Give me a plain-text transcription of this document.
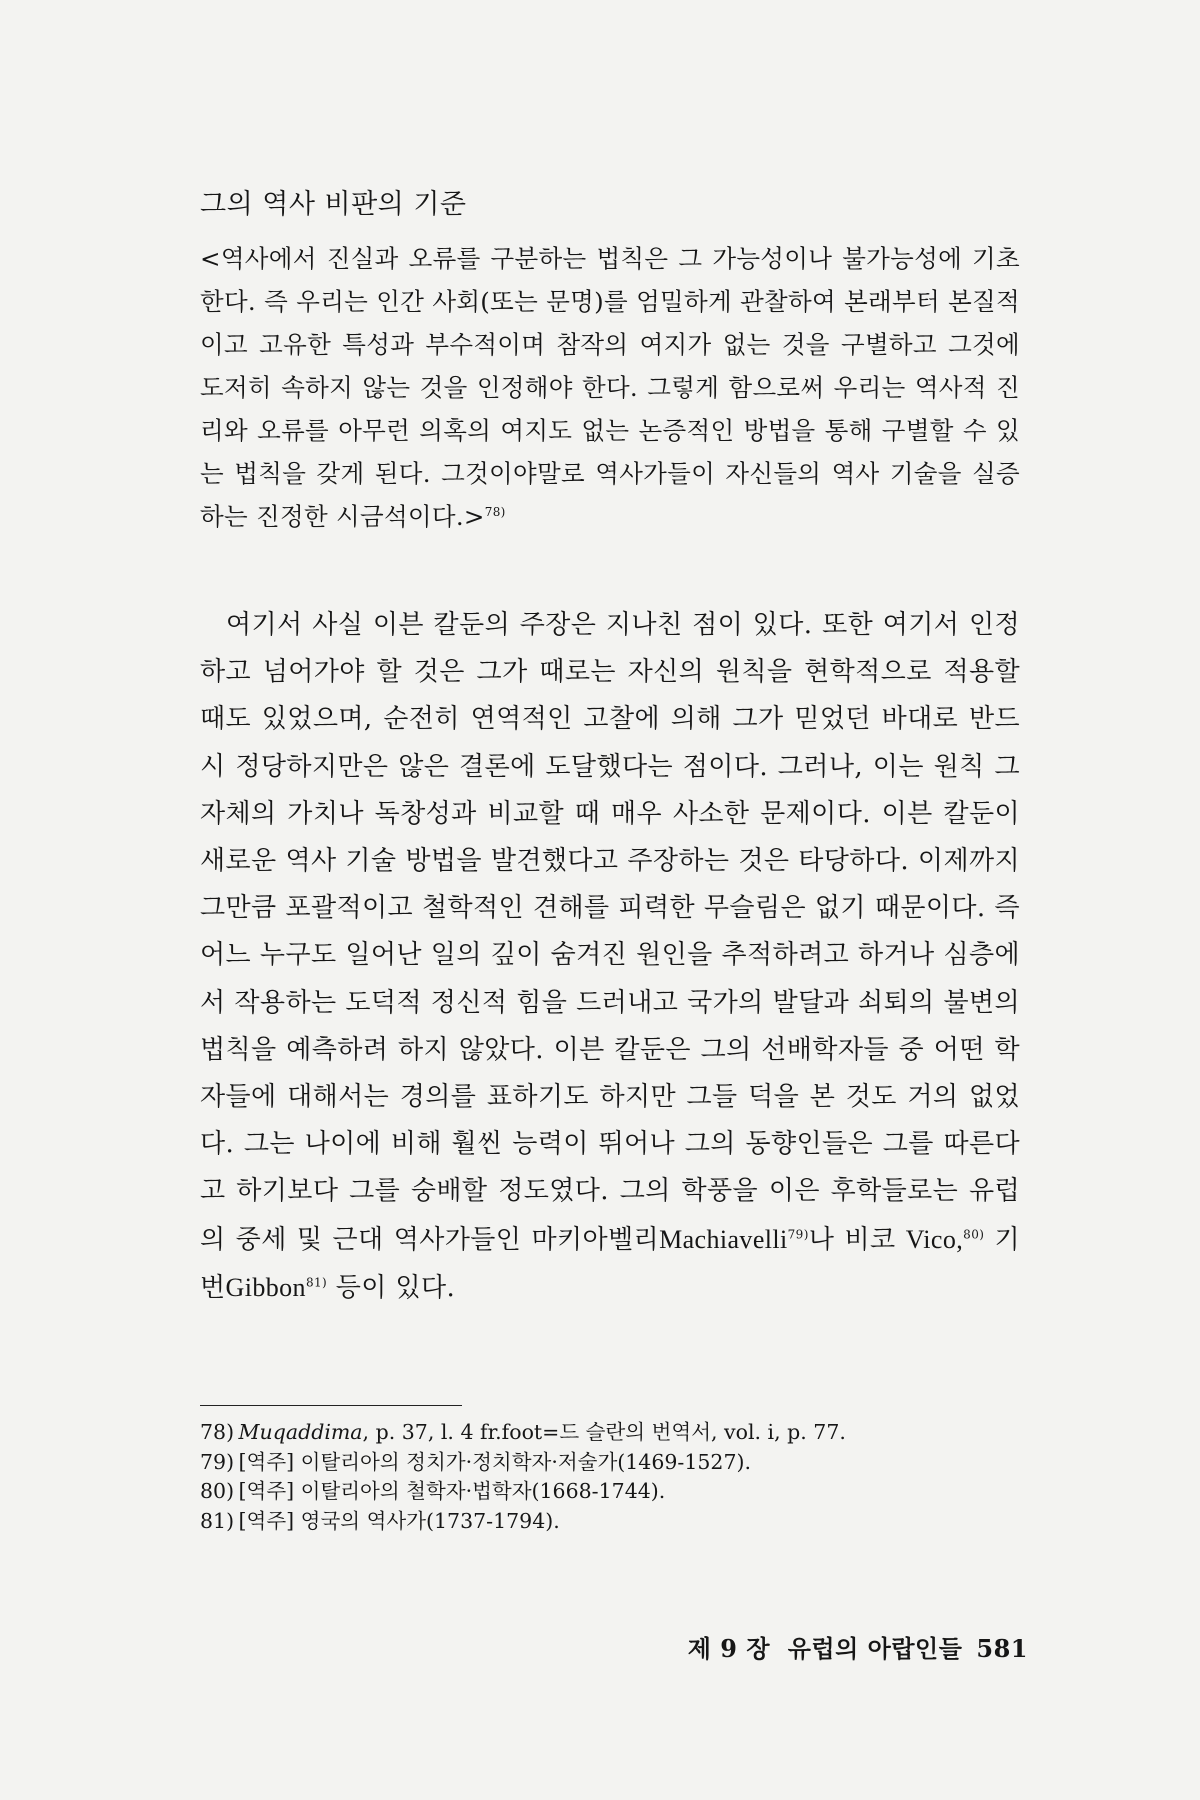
그의 역사 비판의 기준

<역사에서 진실과 오류를 구분하는 법칙은 그 가능성이나 불가능성에 기초한다. 즉 우리는 인간 사회(또는 문명)를 엄밀하게 관찰하여 본래부터 본질적이고 고유한 특성과 부수적이며 참작의 여지가 없는 것을 구별하고 그것에 도저히 속하지 않는 것을 인정해야 한다. 그렇게 함으로써 우리는 역사적 진리와 오류를 아무런 의혹의 여지도 없는 논증적인 방법을 통해 구별할 수 있는 법칙을 갖게 된다. 그것이야말로 역사가들이 자신들의 역사 기술을 실증하는 진정한 시금석이다.>$^{78)}$

여기서 사실 이븐 칼둔의 주장은 지나친 점이 있다. 또한 여기서 인정하고 넘어가야 할 것은 그가 때로는 자신의 원칙을 현학적으로 적용할 때도 있었으며, 순전히 연역적인 고찰에 의해 그가 믿었던 바대로 반드시 정당하지만은 않은 결론에 도달했다는 점이다. 그러나, 이는 원칙 그 자체의 가치나 독창성과 비교할 때 매우 사소한 문제이다. 이븐 칼둔이 새로운 역사 기술 방법을 발견했다고 주장하는 것은 타당하다. 이제까지 그만큼 포괄적이고 철학적인 견해를 피력한 무슬림은 없기 때문이다. 즉 어느 누구도 일어난 일의 깊이 숨겨진 원인을 추적하려고 하거나 심층에서 작용하는 도덕적 정신적 힘을 드러내고 국가의 발달과 쇠퇴의 불변의 법칙을 예측하려 하지 않았다. 이븐 칼둔은 그의 선배학자들 중 어떤 학자들에 대해서는 경의를 표하기도 하지만 그들 덕을 본 것도 거의 없었다. 그는 나이에 비해 훨씬 능력이 뛰어나 그의 동향인들은 그를 따른다고 하기보다 그를 숭배할 정도였다. 그의 학풍을 이은 후학들로는 유럽의 중세 및 근대 역사가들인 마키아벨리Machiavelli$^{79)}$나 비코 Vico,$^{80)}$ 기번Gibbon$^{81)}$ 등이 있다.

78) Muqaddima, p. 37, l. 4 fr.foot=드 슬란의 번역서, vol. i, p. 77.
79) [역주] 이탈리아의 정치가·정치학자·저술가(1469-1527).
80) [역주] 이탈리아의 철학자·법학자(1668-1744).
81) [역주] 영국의 역사가(1737-1794).
제 9 장  유럽의 아랍인들 581
